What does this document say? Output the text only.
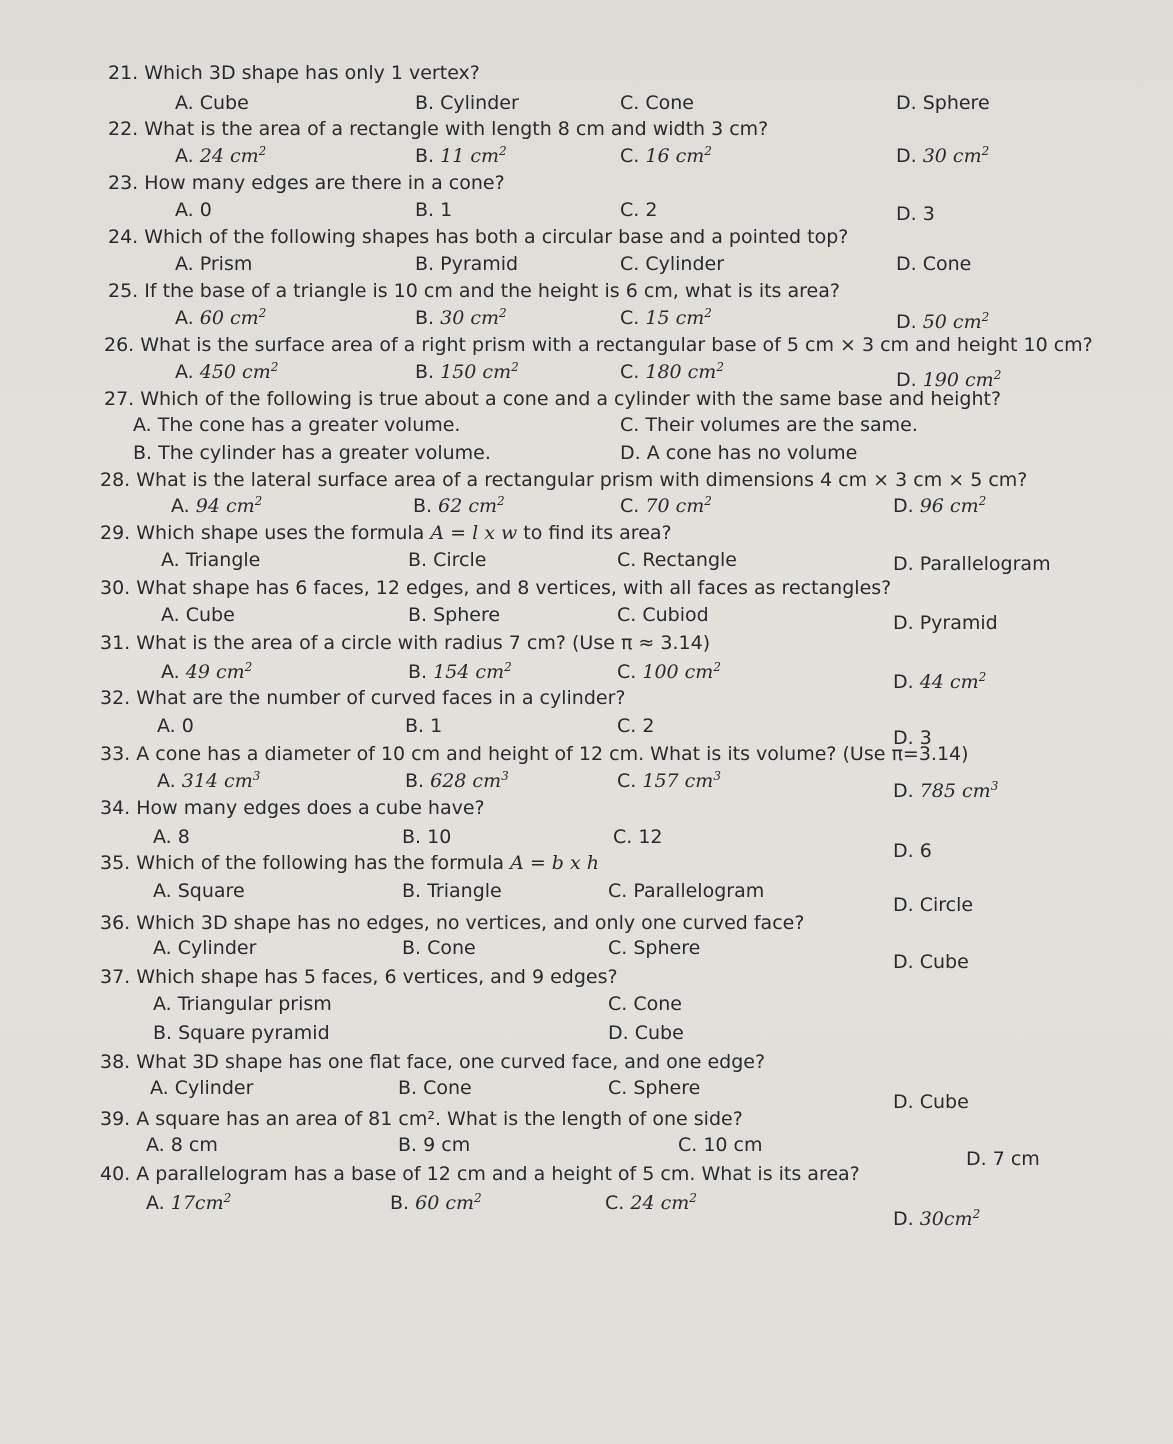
21. Which 3D shape has only 1 vertex?
A. Cube	B. Cylinder	C. Cone	D. Sphere
22. What is the area of a rectangle with length 8 cm and width 3 cm?
A. 24 $cm^2$	B. 11 $cm^2$	C. 16 $cm^2$	D. 30 $cm^2$
23. How many edges are there in a cone?
A. 0	B. 1	C. 2	D. 3
24. Which of the following shapes has both a circular base and a pointed top?
A. Prism	B. Pyramid	C. Cylinder	D. Cone
25. If the base of a triangle is 10 cm and the height is 6 cm, what is its area?
A. 60 $cm^2$	B. 30 $cm^2$	C. 15 $cm^2$	D. 50 $cm^2$
26. What is the surface area of a right prism with a rectangular base of 5 cm × 3 cm and height 10 cm?
A. 450 $cm^2$	B. 150 $cm^2$	C. 180 $cm^2$
D. 190 $cm^2$
27. Which of the following is true about a cone and a cylinder with the same base and height?
A. The cone has a greater volume.	C. Their volumes are the same.
B. The cylinder has a greater volume.	D. A cone has no volume
28. What is the lateral surface area of a rectangular prism with dimensions 4 cm × 3 cm × 5 cm?
A. 94 $cm^2$	B. 62 $cm^2$	C. 70 $cm^2$	D. 96 $cm^2$
29. Which shape uses the formula A = l x w to find its area?
A. Triangle	B. Circle	C. Rectangle	D. Parallelogram
30. What shape has 6 faces, 12 edges, and 8 vertices, with all faces as rectangles?
A. Cube	B. Sphere	C. Cubiod	D. Pyramid
31. What is the area of a circle with radius 7 cm? (Use π ≈ 3.14)
A. 49 $cm^2$	B. 154 $cm^2$	C. 100 $cm^2$
D. 44 $cm^2$
32. What are the number of curved faces in a cylinder?
A. 0	B. 1	C. 2
D. 3
33. A cone has a diameter of 10 cm and height of 12 cm. What is its volume? (Use π=3.14)
A. 314 $cm^3$	B. 628 $cm^3$	C. 157 $cm^3$
D. 785 $cm^3$
34. How many edges does a cube have?
A. 8	B. 10	C. 12
D. 6
35. Which of the following has the formula A = b x h
A. Square	B. Triangle	C. Parallelogram
D. Circle
36. Which 3D shape has no edges, no vertices, and only one curved face?
A. Cylinder	B. Cone	C. Sphere
D. Cube
37. Which shape has 5 faces, 6 vertices, and 9 edges?
A. Triangular prism	C. Cone
B. Square pyramid	D. Cube
38. What 3D shape has one flat face, one curved face, and one edge?
A. Cylinder	B. Cone	C. Sphere
D. Cube
39. A square has an area of 81 cm². What is the length of one side?
A. 8 cm	B. 9 cm	C. 10 cm
D. 7 cm
40. A parallelogram has a base of 12 cm and a height of 5 cm. What is its area?
A. $17cm^2$	B. 60 $cm^2$	C. 24 $cm^2$
D. $30cm^2$
